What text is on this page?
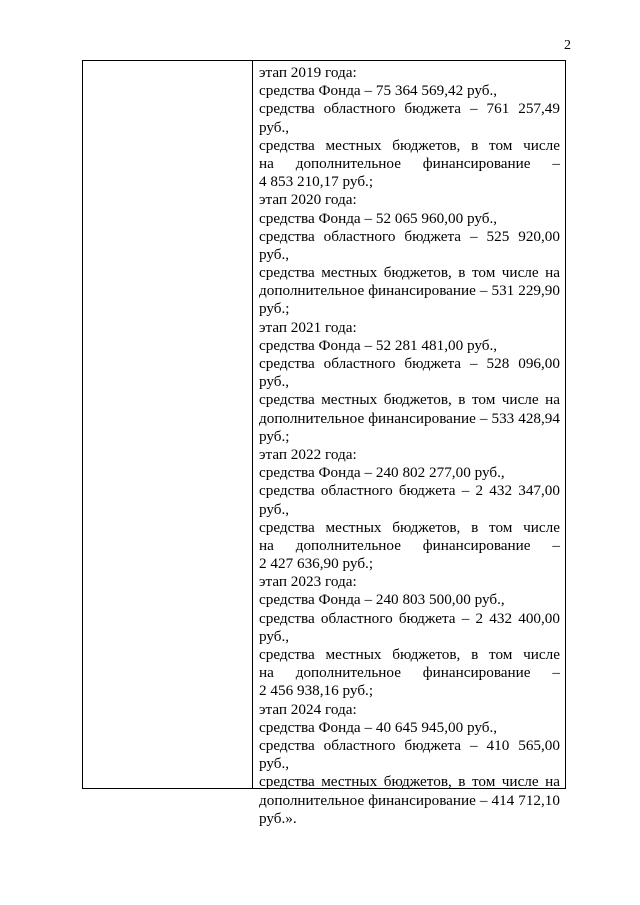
2
этап 2019 года:
средства Фонда – 75 364 569,42 руб.,
средства областного бюджета – 761 257,49
руб.,
средства местных бюджетов, в том числе
на дополнительное финансирование –
4 853 210,17 руб.;
этап 2020 года:
средства Фонда – 52 065 960,00 руб.,
средства областного бюджета – 525 920,00
руб.,
средства местных бюджетов, в том числе на
дополнительное финансирование – 531 229,90
руб.;
этап 2021 года:
средства Фонда – 52 281 481,00 руб.,
средства областного бюджета – 528 096,00
руб.,
средства местных бюджетов, в том числе на
дополнительное финансирование – 533 428,94
руб.;
этап 2022 года:
средства Фонда – 240 802 277,00 руб.,
средства областного бюджета – 2 432 347,00
руб.,
средства местных бюджетов, в том числе
на дополнительное финансирование –
2 427 636,90 руб.;
этап 2023 года:
средства Фонда – 240 803 500,00 руб.,
средства областного бюджета – 2 432 400,00
руб.,
средства местных бюджетов, в том числе
на дополнительное финансирование –
2 456 938,16 руб.;
этап 2024 года:
средства Фонда – 40 645 945,00 руб.,
средства областного бюджета – 410 565,00
руб.,
средства местных бюджетов, в том числе на
дополнительное финансирование – 414 712,10
руб.».
